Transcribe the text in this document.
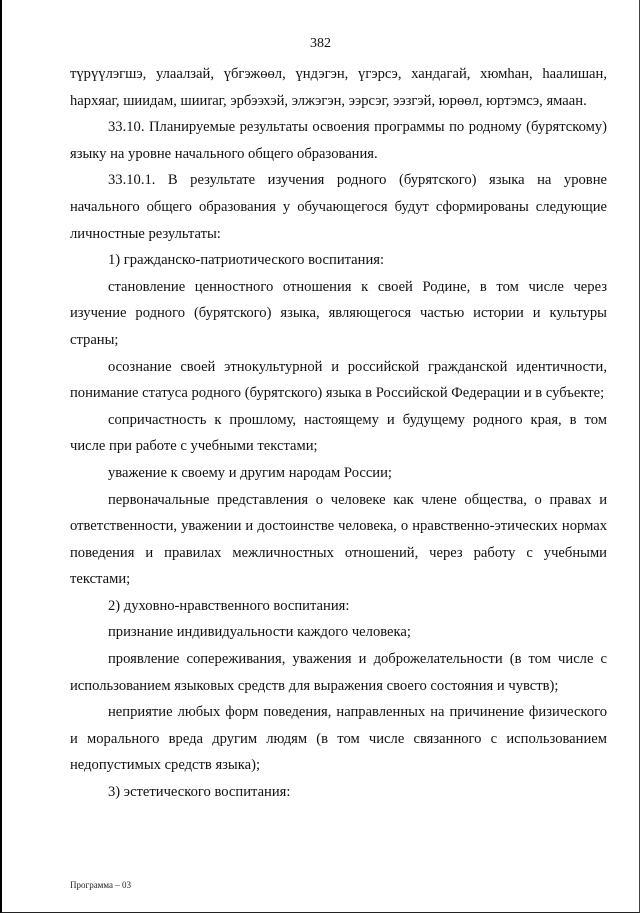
382

түрүүлэгшэ, улаалзай, үбгэжөөл, үндэгэн, үгэрсэ, хандагай, хюмhан, hаалишан, hархяаг, шиидам, шииraг, эрбээхэй, элжэгэн, ээрсэг, ээзгэй, юрөөл, юртэмсэ, ямаан.

33.10. Планируемые результаты освоения программы по родному (бурятскому) языку на уровне начального общего образования.

33.10.1. В результате изучения родного (бурятского) языка на уровне начального общего образования у обучающегося будут сформированы следующие личностные результаты:

1) гражданско-патриотического воспитания:

становление ценностного отношения к своей Родине, в том числе через изучение родного (бурятского) языка, являющегося частью истории и культуры страны;

осознание своей этнокультурной и российской гражданской идентичности, понимание статуса родного (бурятского) языка в Российской Федерации и в субъекте;

сопричастность к прошлому, настоящему и будущему родного края, в том числе при работе с учебными текстами;

уважение к своему и другим народам России;

первоначальные представления о человеке как члене общества, о правах и ответственности, уважении и достоинстве человека, о нравственно-этических нормах поведения и правилах межличностных отношений, через работу с учебными текстами;

2) духовно-нравственного воспитания:

признание индивидуальности каждого человека;

проявление сопереживания, уважения и доброжелательности (в том числе с использованием языковых средств для выражения своего состояния и чувств);

неприятие любых форм поведения, направленных на причинение физического и морального вреда другим людям (в том числе связанного с использованием недопустимых средств языка);

3) эстетического воспитания:

Программа – 03
